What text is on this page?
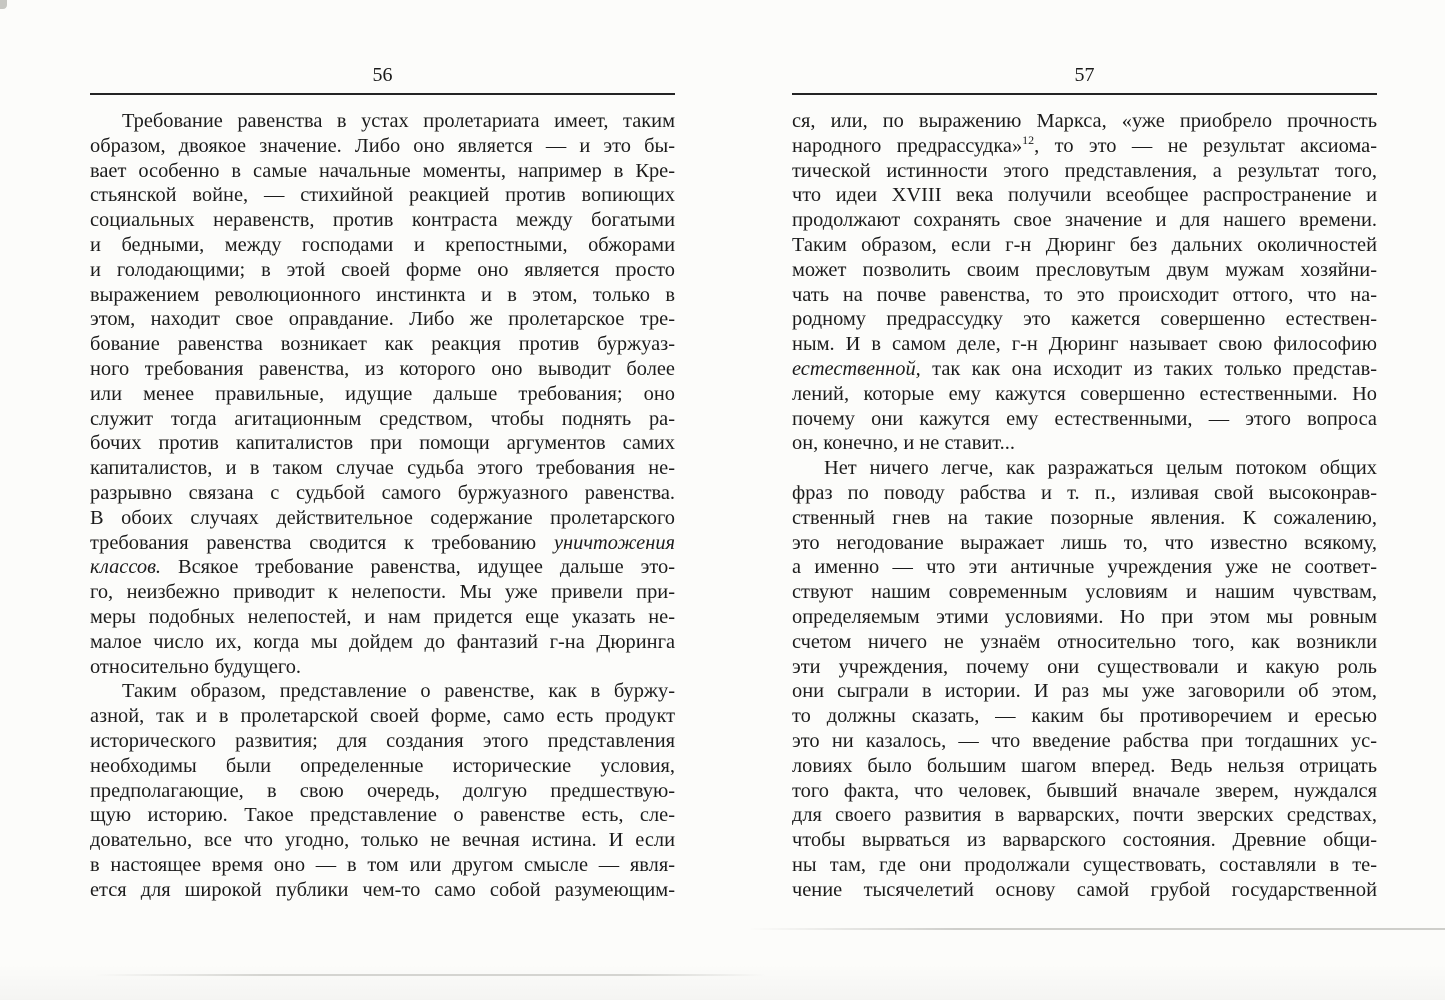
56
Требование равенства в устах пролетариата имеет, таким
образом, двоякое значение. Либо оно является — и это бы-
вает особенно в самые начальные моменты, например в Кре-
стьянской войне, — стихийной реакцией против вопиющих
социальных неравенств, против контраста между богатыми
и бедными, между господами и крепостными, обжорами
и голодающими; в этой своей форме оно является просто
выражением революционного инстинкта и в этом, только в
этом, находит свое оправдание. Либо же пролетарское тре-
бование равенства возникает как реакция против буржуаз-
ного требования равенства, из которого оно выводит более
или менее правильные, идущие дальше требования; оно
служит тогда агитационным средством, чтобы поднять ра-
бочих против капиталистов при помощи аргументов самих
капиталистов, и в таком случае судьба этого требования не-
разрывно связана с судьбой самого буржуазного равенства.
В обоих случаях действительное содержание пролетарского
требования равенства сводится к требованию уничтожения
классов. Всякое требование равенства, идущее дальше это-
го, неизбежно приводит к нелепости. Мы уже привели при-
меры подобных нелепостей, и нам придется еще указать не-
малое число их, когда мы дойдем до фантазий г-на Дюринга
относительно будущего.
Таким образом, представление о равенстве, как в буржу-
азной, так и в пролетарской своей форме, само есть продукт
исторического развития; для создания этого представления
необходимы были определенные исторические условия,
предполагающие, в свою очередь, долгую предшествую-
щую историю. Такое представление о равенстве есть, сле-
довательно, все что угодно, только не вечная истина. И если
в настоящее время оно — в том или другом смысле — явля-
ется для широкой публики чем-то само собой разумеющим-
57
ся, или, по выражению Маркса, «уже приобрело прочность
народного предрассудка»$^{12}$, то это — не результат аксиома-
тической истинности этого представления, а результат того,
что идеи XVIII века получили всеобщее распространение и
продолжают сохранять свое значение и для нашего времени.
Таким образом, если г-н Дюринг без дальних околичностей
может позволить своим пресловутым двум мужам хозяйни-
чать на почве равенства, то это происходит оттого, что на-
родному предрассудку это кажется совершенно естествен-
ным. И в самом деле, г-н Дюринг называет свою философию
естественной, так как она исходит из таких только представ-
лений, которые ему кажутся совершенно естественными. Но
почему они кажутся ему естественными, — этого вопроса
он, конечно, и не ставит...
Нет ничего легче, как разражаться целым потоком общих
фраз по поводу рабства и т. п., изливая свой высоконрав-
ственный гнев на такие позорные явления. К сожалению,
это негодование выражает лишь то, что известно всякому,
а именно — что эти античные учреждения уже не соответ-
ствуют нашим современным условиям и нашим чувствам,
определяемым этими условиями. Но при этом мы ровным
счетом ничего не узнаём относительно того, как возникли
эти учреждения, почему они существовали и какую роль
они сыграли в истории. И раз мы уже заговорили об этом,
то должны сказать, — каким бы противоречием и ересью
это ни казалось, — что введение рабства при тогдашних ус-
ловиях было большим шагом вперед. Ведь нельзя отрицать
того факта, что человек, бывший вначале зверем, нуждался
для своего развития в варварских, почти зверских средствах,
чтобы вырваться из варварского состояния. Древние общи-
ны там, где они продолжали существовать, составляли в те-
чение тысячелетий основу самой грубой государственной
